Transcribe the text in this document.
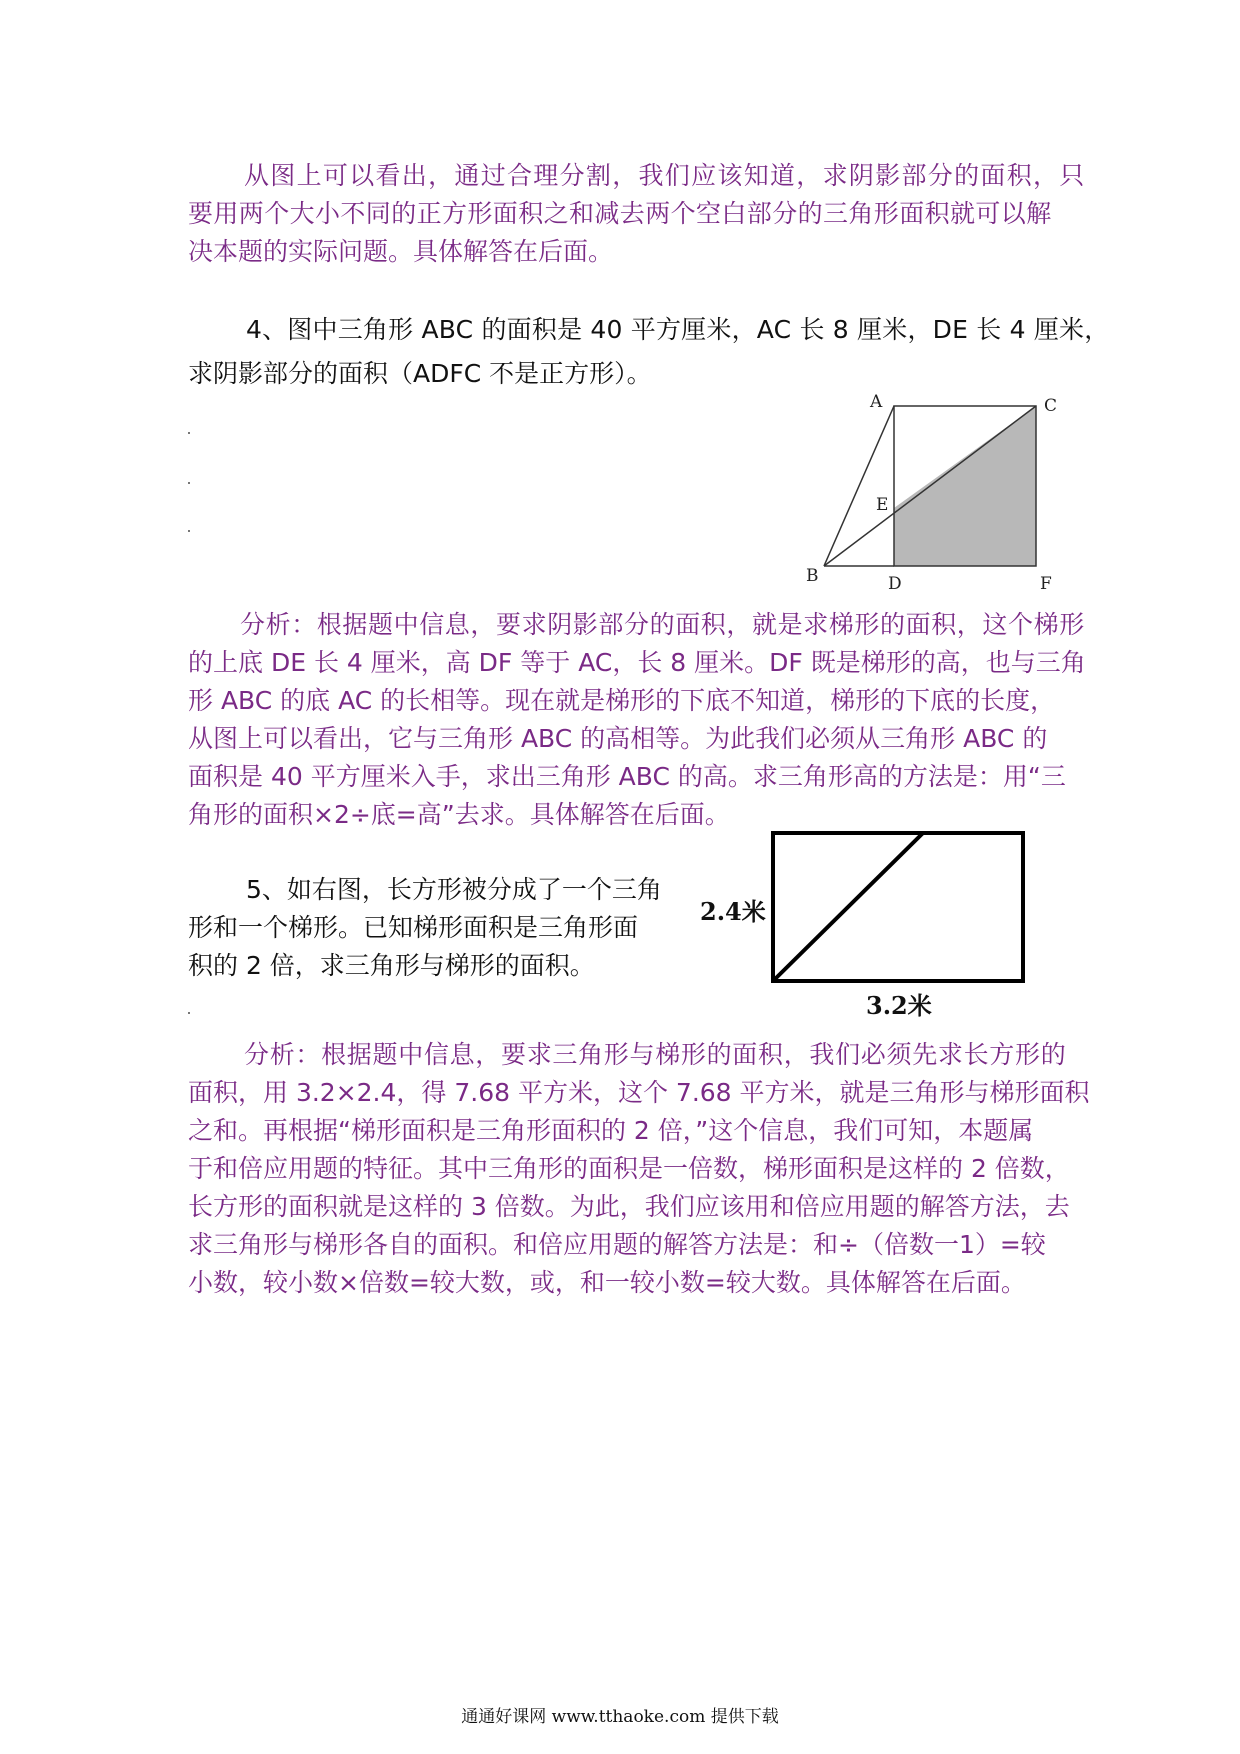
从图上可以看出，通过合理分割，我们应该知道，求阴影部分的面积，只
要用两个大小不同的正方形面积之和减去两个空白部分的三角形面积就可以解
决本题的实际问题。具体解答在后面。
4、图中三角形 ABC 的面积是 40 平方厘米，AC 长 8 厘米，DE 长 4 厘米，
求阴影部分的面积（ADFC 不是正方形）。
A	C
E
B	D	F
分析：根据题中信息，要求阴影部分的面积，就是求梯形的面积，这个梯形
的上底 DE 长 4 厘米，高 DF 等于 AC，长 8 厘米。DF 既是梯形的高，也与三角
形 ABC 的底 AC 的长相等。现在就是梯形的下底不知道，梯形的下底的长度，
从图上可以看出，它与三角形 ABC 的高相等。为此我们必须从三角形 ABC 的
面积是 40 平方厘米入手，求出三角形 ABC 的高。求三角形高的方法是：用“三
角形的面积×2÷底=高”去求。具体解答在后面。
5、如右图，长方形被分成了一个三角
形和一个梯形。已知梯形面积是三角形面
积的 2 倍，求三角形与梯形的面积。
2.4米
3.2米
分析：根据题中信息，要求三角形与梯形的面积，我们必须先求长方形的
面积，用 3.2×2.4，得 7.68 平方米，这个 7.68 平方米，就是三角形与梯形面积
之和。再根据“梯形面积是三角形面积的 2 倍，”这个信息，我们可知，本题属
于和倍应用题的特征。其中三角形的面积是一倍数，梯形面积是这样的 2 倍数，
长方形的面积就是这样的 3 倍数。为此，我们应该用和倍应用题的解答方法，去
求三角形与梯形各自的面积。和倍应用题的解答方法是：和÷（倍数一1）=较
小数，较小数×倍数=较大数，或，和一较小数=较大数。具体解答在后面。
通通好课网 www.tthaoke.com 提供下载
